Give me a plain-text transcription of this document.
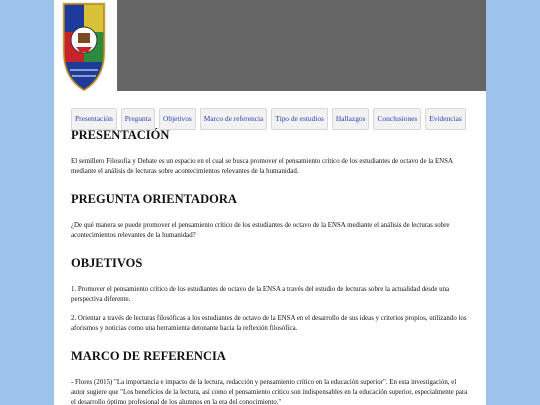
Presentación	Pregunta	Objetivos	Marco de referencia	Tipo de estudios	Hallazgos	Conclusiones	Evidencias
PRESENTACIÓN

El semillero Filosofía y Debate es un espacio en el cual se busca promover el pensamiento crítico de los estudiantes de octavo de la ENSA mediante el análisis de lecturas sobre acontecimientos relevantes de la humanidad.

PREGUNTA ORIENTADORA

¿De qué manera se puede promover el pensamiento crítico de los estudiantes de octavo de la ENSA mediante el análisis de lecturas sobre acontecimientos relevantes de la humanidad?

OBJETIVOS

1. Promover el pensamiento crítico de los estudiantes de octavo de la ENSA a través del estudio de lecturas sobre la actualidad desde una perspectiva diferente.

2. Orientar a través de lecturas filosóficas a los estudiantes de octavo de la ENSA en el desarrollo de sus ideas y criterios propios, utilizando los aforismos y noticias como una herramienta detonante hacia la reflexión filosófica.

MARCO DE REFERENCIA

- Flores (2015) "La importancia e impacto de la lectura, redacción y pensamiento crítico en la educación superior". En esta investigación, el autor sugiere que "Los beneficios de la lectura, así como el pensamiento crítico son indispensables en la educación superior, especialmente para el desarrollo óptimo profesional de los alumnos en la era del conocimiento."
